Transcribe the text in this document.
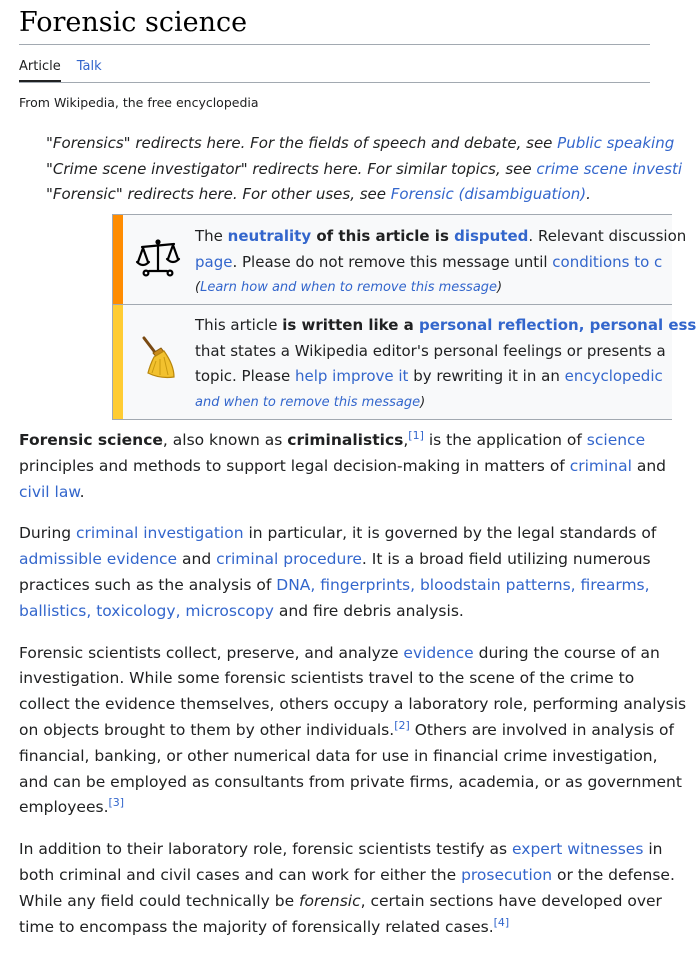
Forensic science
Article Talk
From Wikipedia, the free encyclopedia
"Forensics" redirects here. For the fields of speech and debate, see Public speaking
"Crime scene investigator" redirects here. For similar topics, see crime scene investi
"Forensic" redirects here. For other uses, see Forensic (disambiguation).
The neutrality of this article is disputed. Relevant discussion
page. Please do not remove this message until conditions to c
(Learn how and when to remove this message)
This article is written like a personal reflection, personal ess
that states a Wikipedia editor's personal feelings or presents a
topic. Please help improve it by rewriting it in an encyclopedic
and when to remove this message)
Forensic science, also known as criminalistics,[1] is the application of science
principles and methods to support legal decision-making in matters of criminal and
civil law.
During criminal investigation in particular, it is governed by the legal standards of
admissible evidence and criminal procedure. It is a broad field utilizing numerous
practices such as the analysis of DNA, fingerprints, bloodstain patterns, firearms,
ballistics, toxicology, microscopy and fire debris analysis.
Forensic scientists collect, preserve, and analyze evidence during the course of an
investigation. While some forensic scientists travel to the scene of the crime to
collect the evidence themselves, others occupy a laboratory role, performing analysis
on objects brought to them by other individuals.[2] Others are involved in analysis of
financial, banking, or other numerical data for use in financial crime investigation,
and can be employed as consultants from private firms, academia, or as government
employees.[3]
In addition to their laboratory role, forensic scientists testify as expert witnesses in
both criminal and civil cases and can work for either the prosecution or the defense.
While any field could technically be forensic, certain sections have developed over
time to encompass the majority of forensically related cases.[4]
